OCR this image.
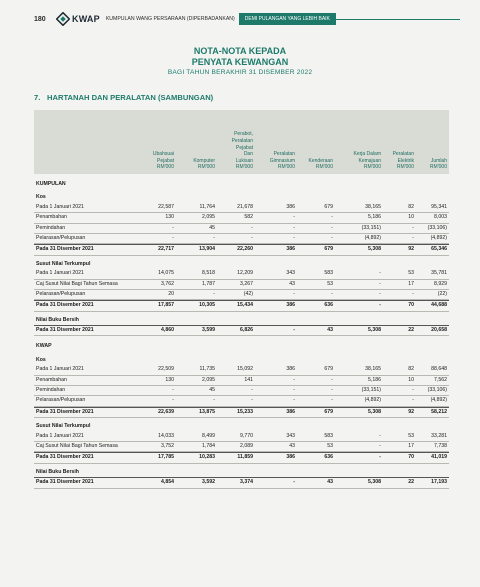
180	KWAP KUMPULAN WANG PERSARAAN (DIPERBADANKAN)	DEMI PULANGAN YANG LEBIH BAIK
NOTA-NOTA KEPADA
PENYATA KEWANGAN
BAGI TAHUN BERAKHIR 31 DISEMBER 2022
7. HARTANAH DAN PERALATAN (SAMBUNGAN)
Ubahsuai
Pejabat
RM'000
Komputer
RM'000
Perabot,
Peralatan
Pejabat
Dan
Lukisan
RM'000
Peralatan
Gimnasium
RM'000
Kenderaan
RM'000
Kerja Dalam
Kemajuan
RM'000
Peralatan
Elektrik
RM'000
Jumlah
RM'000
KUMPULAN
Kos
Pada 1 Januari 2021	22,587	11,764	21,678	386	679	38,165	82	95,341
Penambahan	130	2,095	582	-	-	5,186	10	8,003
Pemindahan	-	45	-	-	-	(33,151)	-	(33,106)
Pelarasan/Pelupusan	-	-	-	-	-	(4,892)	-	(4,892)
Pada 31 Disember 2021	22,717	13,904	22,260	386	679	5,308	92	65,346
Susut Nilai Terkumpul
Pada 1 Januari 2021	14,075	8,518	12,209	343	583	-	53	35,781
Caj Susut Nilai Bagi Tahun Semasa	3,762	1,787	3,267	43	53	-	17	8,929
Pelarasan/Pelupusan	20	-	(42)	-	-	-	-	(22)
Pada 31 Disember 2021	17,857	10,305	15,434	386	636	-	70	44,688
Nilai Buku Bersih
Pada 31 Disember 2021	4,860	3,599	6,826	-	43	5,308	22	20,658
KWAP
Kos
Pada 1 Januari 2021	22,509	11,735	15,092	386	679	38,165	82	88,648
Penambahan	130	2,095	141	-	-	5,186	10	7,562
Pemindahan	-	45	-	-	-	(33,151)	-	(33,106)
Pelarasan/Pelupusan	-	-	-	-	-	(4,892)	-	(4,892)
Pada 31 Disember 2021	22,639	13,875	15,233	386	679	5,308	92	58,212
Susut Nilai Terkumpul
Pada 1 Januari 2021	14,033	8,499	9,770	343	583	-	53	33,281
Caj Susut Nilai Bagi Tahun Semasa	3,752	1,784	2,089	43	53	-	17	7,738
Pada 31 Disember 2021	17,785	10,283	11,859	386	636	-	70	41,019
Nilai Buku Bersih
Pada 31 Disember 2021	4,854	3,592	3,374	-	43	5,308	22	17,193
